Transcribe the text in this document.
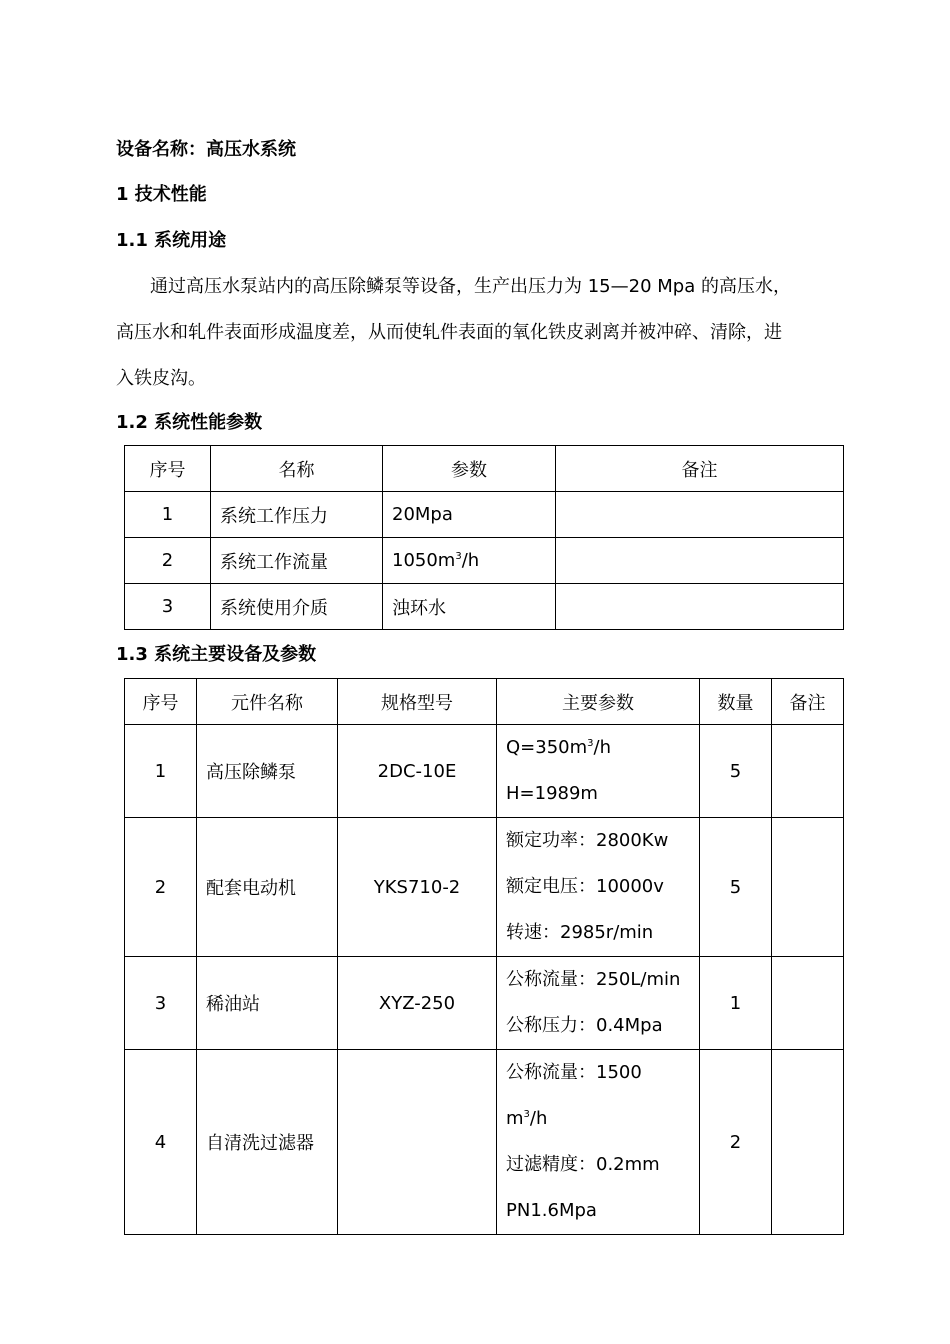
设备名称：高压水系统
1 技术性能
1.1 系统用途
通过高压水泵站内的高压除鳞泵等设备，生产出压力为 15—20 Mpa 的高压水，
高压水和轧件表面形成温度差，从而使轧件表面的氧化铁皮剥离并被冲碎、清除，进
入铁皮沟。
1.2 系统性能参数
序号	名称	参数	备注
1	系统工作压力	20Mpa	
2	系统工作流量	$1050m^3/h$	
3	系统使用介质	浊环水	
1.3 系统主要设备及参数
序号	元件名称	规格型号	主要参数	数量	备注
1	高压除鳞泵	2DC-10E	$Q=350m^3/h$
H=1989m	5	
2	配套电动机	YKS710-2	额定功率：2800Kw
额定电压：10000v
转速：2985r/min	5	
3	稀油站	XYZ-250	公称流量：250L/min
公称压力：0.4Mpa	1	
4	自清洗过滤器		公称流量：1500
$m^3/h$
过滤精度：0.2mm
PN1.6Mpa	2	
